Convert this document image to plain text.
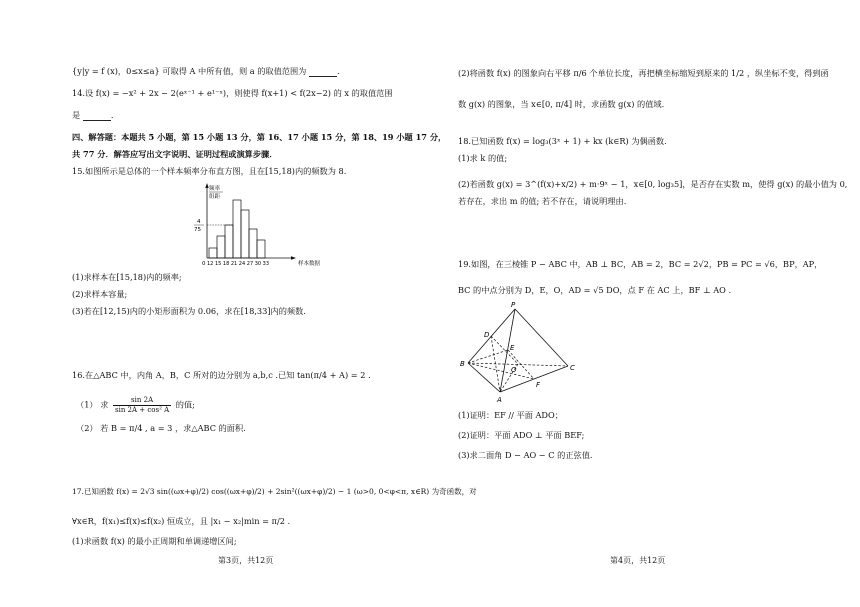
{y|y = f (x)，0≤x≤a} 可取得 A 中所有值，则 a 的取值范围为	.
14.设 f(x) = −x² + 2x − 2(eˣ⁻¹ + e¹⁻ˣ)，则使得 f(x+1) < f(2x−2) 的 x 的取值范围
是	.
四、解答题：本题共 5 小题，第 15 小题 13 分，第 16、17 小题 15 分，第 18、19 小题 17 分，
共 77 分．解答应写出文字说明、证明过程或演算步骤．
15.如图所示是总体的一个样本频率分布直方图，且在[15,18)内的频数为 8.
频率
组距
4
75
0 12 15 18 21 24 27 30 33	样本数据
(1)求样本在[15,18)内的频率;
(2)求样本容量;
(3)若在[12,15)内的小矩形面积为 0.06，求在[18,33]内的频数.
16.在△ABC 中，内角 A，B，C 所对的边分别为 a,b,c .已知 tan(π/4 + A) = 2 .
（1） 求 $\frac{\sin 2A}{\text{sin 2A + cos² A}}$ 的值;
（2） 若 B = π/4 , a = 3 ，求△ABC 的面积.
17.已知函数 f(x) = 2√3 sin((ωx+φ)/2) cos((ωx+φ)/2) + 2sin²((ωx+φ)/2) − 1 (ω>0, 0<φ<π, x∈R) 为奇函数，对
∀x∈R，f(x₁)≤f(x)≤f(x₂) 恒成立，且 |x₁ − x₂|min = π/2 .
(1)求函数 f(x) 的最小正周期和单调递增区间;
第3页，共12页
(2)将函数 f(x) 的图象向右平移 π/6 个单位长度，再把横坐标缩短到原来的 1/2 ，纵坐标不变，得到函
数 g(x) 的图象，当 x∈[0, π/4] 时，求函数 g(x) 的值域.
18.已知函数 f(x) = log₃(3ˣ + 1) + kx (k∈R) 为偶函数.
(1)求 k 的值;
(2)若函数 g(x) = 3^(f(x)+x/2) + m·9ˣ − 1，x∈[0, log₃5]，是否存在实数 m，使得 g(x) 的最小值为 0,
若存在，求出 m 的值; 若不存在，请说明理由.
19.如图，在三棱锥 P − ABC 中，AB ⊥ BC，AB = 2，BC = 2√2，PB = PC = √6，BP，AP，
BC 的中点分别为 D，E，O，AD = √5 DO，点 F 在 AC 上，BF ⊥ AO .
P
D
E
B
O	C
F
A
(1)证明：EF // 平面 ADO；
(2)证明：平面 ADO ⊥ 平面 BEF;
(3)求二面角 D − AO − C 的正弦值.
第4页，共12页
